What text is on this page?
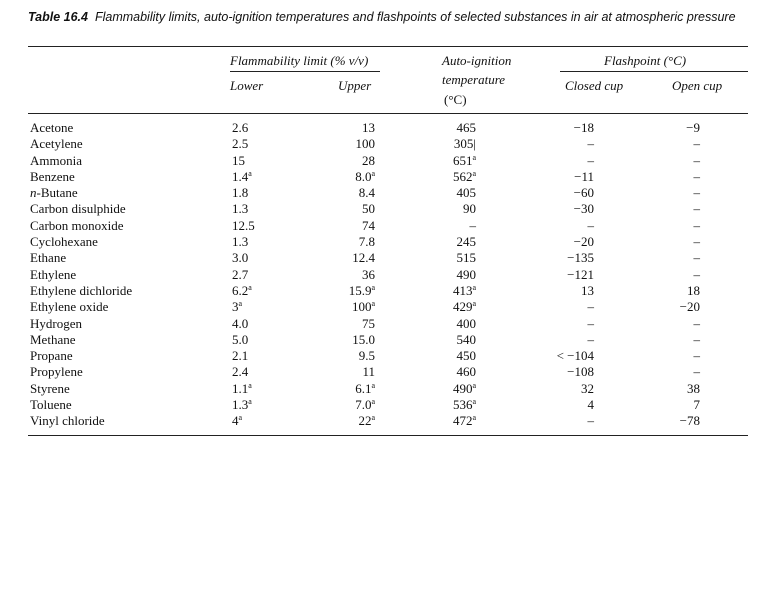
Table 16.4 Flammability limits, auto-ignition temperatures and flashpoints of selected substances in air at atmospheric pressure
Flammability limit (% v/v)
Lower	Upper
Auto-ignition
temperature
(°C)
Flashpoint (°C)
Closed cup	Open cup
Acetone	2.6	13	465	−18	−9
Acetylene	2.5	100	305|	–	–
Ammonia	15	28	651$^a$	–	–
Benzene	1.4$^a$	8.0$^a$	$562^a$	−11	–
n-Butane	1.8	8.4	405	−60	–
Carbon disulphide	1.3	50	90	−30	–
Carbon monoxide	12.5	74	–	–	–
Cyclohexane	1.3	7.8	245	−20	–
Ethane	3.0	12.4	515	−135	–
Ethylene	2.7	36	490	−121	–
Ethylene dichloride	6.2$^a$	15.9$^a$	413$^a$	13	18
Ethylene oxide	3$^a$	100$^a$	429$^a$	–	−20
Hydrogen	4.0	75	400	–	–
Methane	5.0	15.0	540	–	–
Propane	2.1	9.5	450	< −104	–
Propylene	2.4	11	460	−108	–
Styrene	1.1$^a$	6.1$^a$	490$^a$	32	38
Toluene	1.3$^a$	7.0$^a$	536$^a$	4	7
Vinyl chloride	4$^a$	22$^a$	472$^a$	–	−78
